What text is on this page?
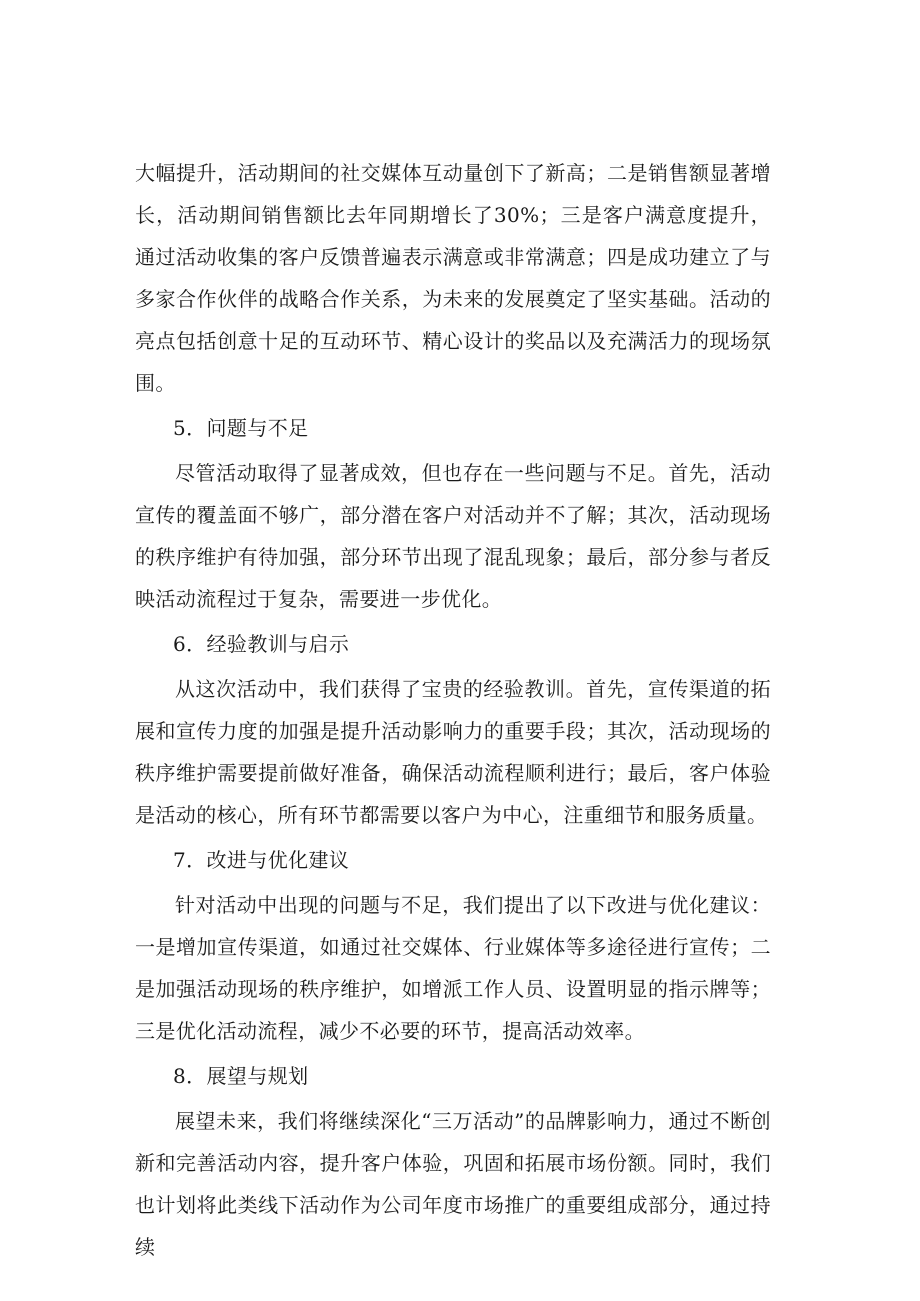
大幅提升，活动期间的社交媒体互动量创下了新高；二是销售额显著增长，活动期间销售额比去年同期增长了30%；三是客户满意度提升，通过活动收集的客户反馈普遍表示满意或非常满意；四是成功建立了与多家合作伙伴的战略合作关系，为未来的发展奠定了坚实基础。活动的亮点包括创意十足的互动环节、精心设计的奖品以及充满活力的现场氛围。

5．问题与不足

尽管活动取得了显著成效，但也存在一些问题与不足。首先，活动宣传的覆盖面不够广，部分潜在客户对活动并不了解；其次，活动现场的秩序维护有待加强，部分环节出现了混乱现象；最后，部分参与者反映活动流程过于复杂，需要进一步优化。

6．经验教训与启示

从这次活动中，我们获得了宝贵的经验教训。首先，宣传渠道的拓展和宣传力度的加强是提升活动影响力的重要手段；其次，活动现场的秩序维护需要提前做好准备，确保活动流程顺利进行；最后，客户体验是活动的核心，所有环节都需要以客户为中心，注重细节和服务质量。

7．改进与优化建议

针对活动中出现的问题与不足，我们提出了以下改进与优化建议：一是增加宣传渠道，如通过社交媒体、行业媒体等多途径进行宣传；二是加强活动现场的秩序维护，如增派工作人员、设置明显的指示牌等；三是优化活动流程，减少不必要的环节，提高活动效率。

8．展望与规划

展望未来，我们将继续深化“三万活动”的品牌影响力，通过不断创新和完善活动内容，提升客户体验，巩固和拓展市场份额。同时，我们也计划将此类线下活动作为公司年度市场推广的重要组成部分，通过持续
